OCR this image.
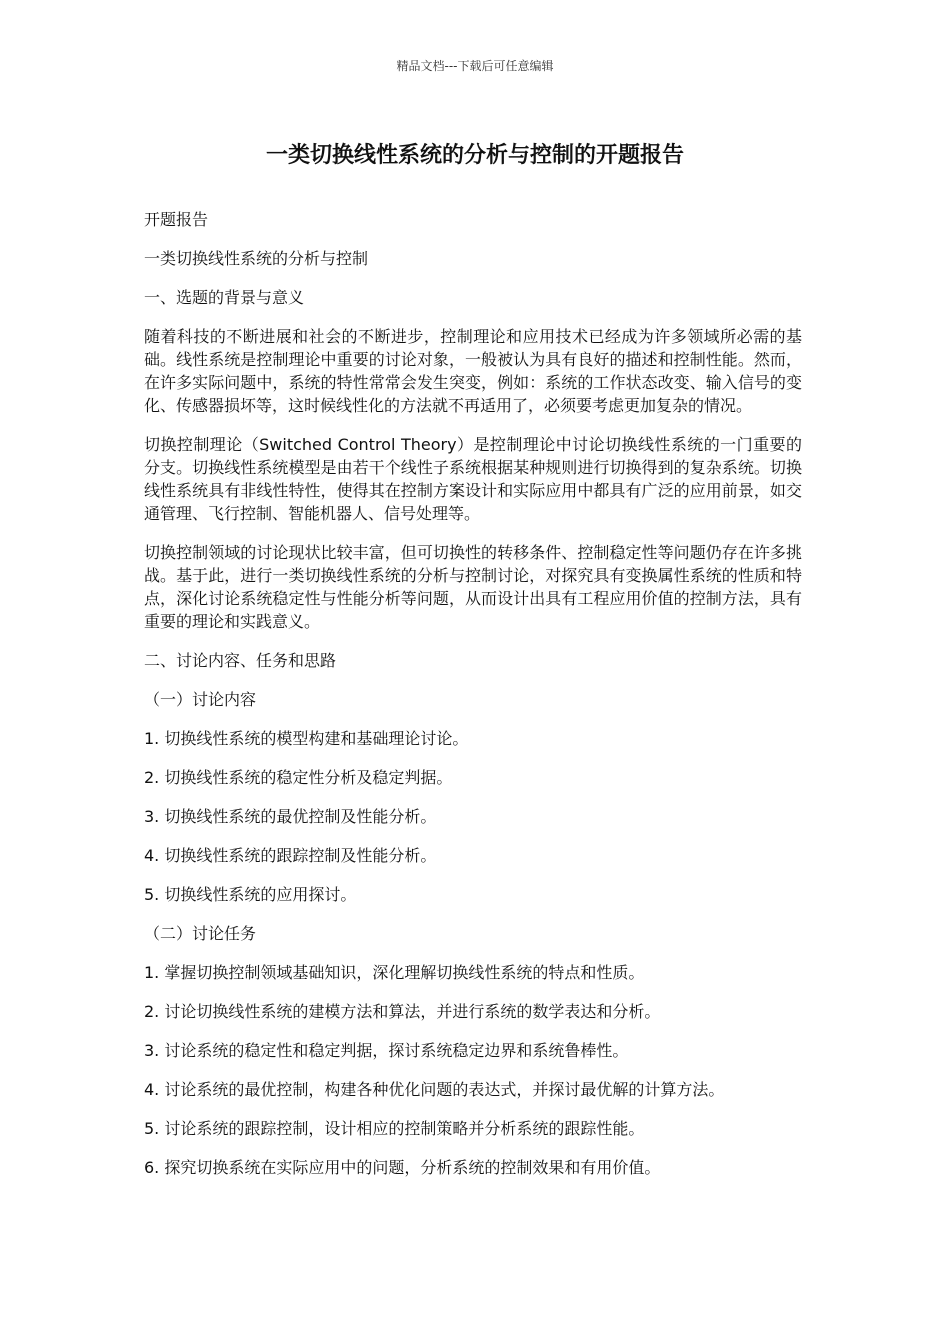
精品文档---下载后可任意编辑
一类切换线性系统的分析与控制的开题报告
开题报告
一类切换线性系统的分析与控制
一、选题的背景与意义
随着科技的不断进展和社会的不断进步，控制理论和应用技术已经成为许多领域所必需的基础。线性系统是控制理论中重要的讨论对象，一般被认为具有良好的描述和控制性能。然而，在许多实际问题中，系统的特性常常会发生突变，例如：系统的工作状态改变、输入信号的变化、传感器损坏等，这时候线性化的方法就不再适用了，必须要考虑更加复杂的情况。
切换控制理论（Switched Control Theory）是控制理论中讨论切换线性系统的一门重要的分支。切换线性系统模型是由若干个线性子系统根据某种规则进行切换得到的复杂系统。切换线性系统具有非线性特性，使得其在控制方案设计和实际应用中都具有广泛的应用前景，如交通管理、飞行控制、智能机器人、信号处理等。
切换控制领域的讨论现状比较丰富，但可切换性的转移条件、控制稳定性等问题仍存在许多挑战。基于此，进行一类切换线性系统的分析与控制讨论，对探究具有变换属性系统的性质和特点，深化讨论系统稳定性与性能分析等问题，从而设计出具有工程应用价值的控制方法，具有重要的理论和实践意义。
二、讨论内容、任务和思路
（一）讨论内容
1. 切换线性系统的模型构建和基础理论讨论。
2. 切换线性系统的稳定性分析及稳定判据。
3. 切换线性系统的最优控制及性能分析。
4. 切换线性系统的跟踪控制及性能分析。
5. 切换线性系统的应用探讨。
（二）讨论任务
1. 掌握切换控制领域基础知识，深化理解切换线性系统的特点和性质。
2. 讨论切换线性系统的建模方法和算法，并进行系统的数学表达和分析。
3. 讨论系统的稳定性和稳定判据，探讨系统稳定边界和系统鲁棒性。
4. 讨论系统的最优控制，构建各种优化问题的表达式，并探讨最优解的计算方法。
5. 讨论系统的跟踪控制，设计相应的控制策略并分析系统的跟踪性能。
6. 探究切换系统在实际应用中的问题，分析系统的控制效果和有用价值。
